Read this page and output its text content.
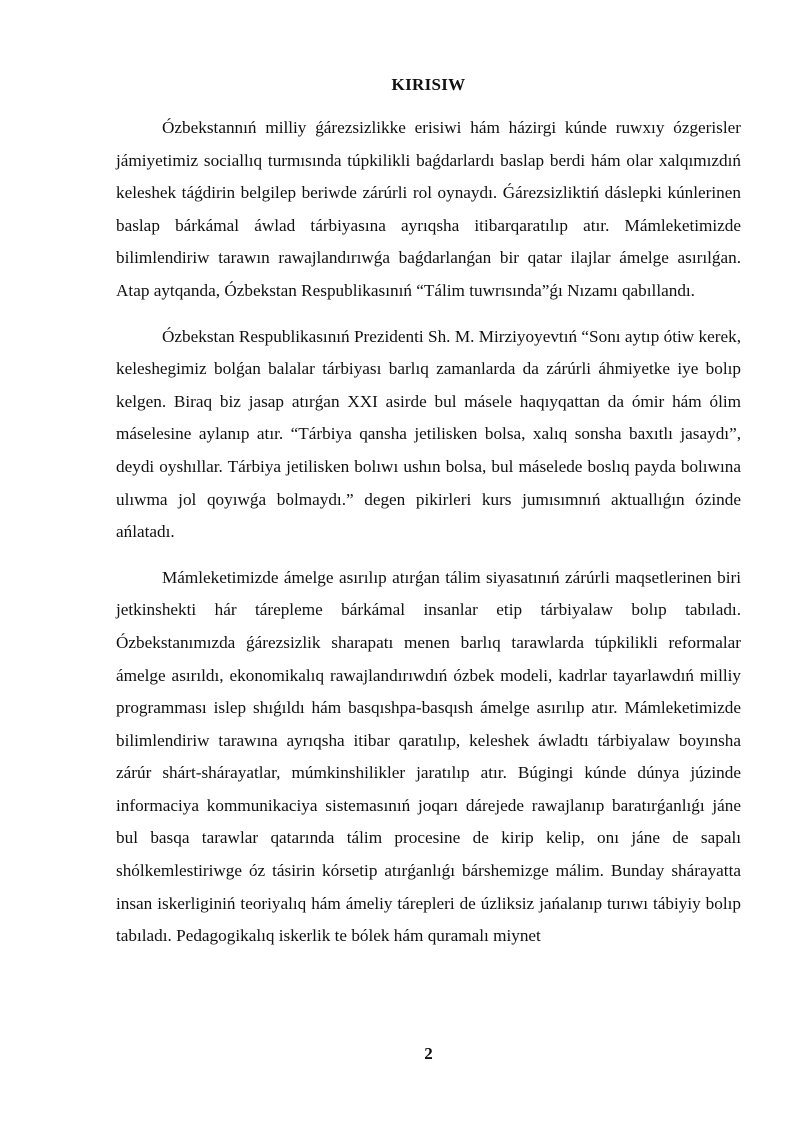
KIRISIW

Ózbekstannıń milliy ǵárezsizlikke erisiwi hám házirgi kúnde ruwxıy ózgerisler jámiyetimiz sociallıq turmısında túpkilikli baǵdarlardı baslap berdi hám olar xalqımızdıń keleshek táǵdirin belgilep beriwde zárúrli rol oynaydı. Ǵárezsizliktiń dáslepki kúnlerinen baslap bárkámal áwlad tárbiyasına ayrıqsha itibarqaratılıp atır. Mámleketimizde bilimlendiriw tarawın rawajlandırıwǵa baǵdarlanǵan bir qatar ilajlar ámelge asırılǵan. Atap aytqanda, Ózbekstan Respublikasınıń “Tálim tuwrısında”ǵı Nızamı qabıllandı.

Ózbekstan Respublikasınıń Prezidenti Sh. M. Mirziyoyevtıń “Sonı aytıp ótiw kerek, keleshegimiz bolǵan balalar tárbiyası barlıq zamanlarda da zárúrli áhmiyetke iye bolıp kelgen. Biraq biz jasap atırǵan XXI asirde bul másele haqıyqattan da ómir hám ólim máselesine aylanıp atır. “Tárbiya qansha jetilisken bolsa, xalıq sonsha baxıtlı jasaydı”, deydi oyshıllar. Tárbiya jetilisken bolıwı ushın bolsa, bul máselede boslıq payda bolıwına ulıwma jol qoyıwǵa bolmaydı.” degen pikirleri kurs jumısımnıń aktuallıǵın ózinde ańlatadı.

Mámleketimizde ámelge asırılıp atırǵan tálim siyasatınıń zárúrli maqsetlerinen biri jetkinshekti hár tárepleme bárkámal insanlar etip tárbiyalaw bolıp tabıladı. Ózbekstanımızda ǵárezsizlik sharapatı menen barlıq tarawlarda túpkilikli reformalar ámelge asırıldı, ekonomikalıq rawajlandırıwdıń ózbek modeli, kadrlar tayarlawdıń milliy programması islep shıǵıldı hám basqıshpa-basqısh ámelge asırılıp atır. Mámleketimizde bilimlendiriw tarawına ayrıqsha itibar qaratılıp, keleshek áwladtı tárbiyalaw boyınsha zárúr shárt-shárayatlar, múmkinshilikler jaratılıp atır. Búgingi kúnde dúnya júzinde informaciya kommunikaciya sistemasınıń joqarı dárejede rawajlanıp baratırǵanlıǵı jáne bul basqa tarawlar qatarında tálim procesine de kirip kelip, onı jáne de sapalı shólkemlestiriwge óz tásirin kórsetip atırǵanlıǵı bárshemizge málim. Bunday shárayatta insan iskerliginiń teoriyalıq hám ámeliy tárepleri de úzliksiz jańalanıp turıwı tábiyiy bolıp tabıladı. Pedagogikalıq iskerlik te bólek hám quramalı miynet

2
